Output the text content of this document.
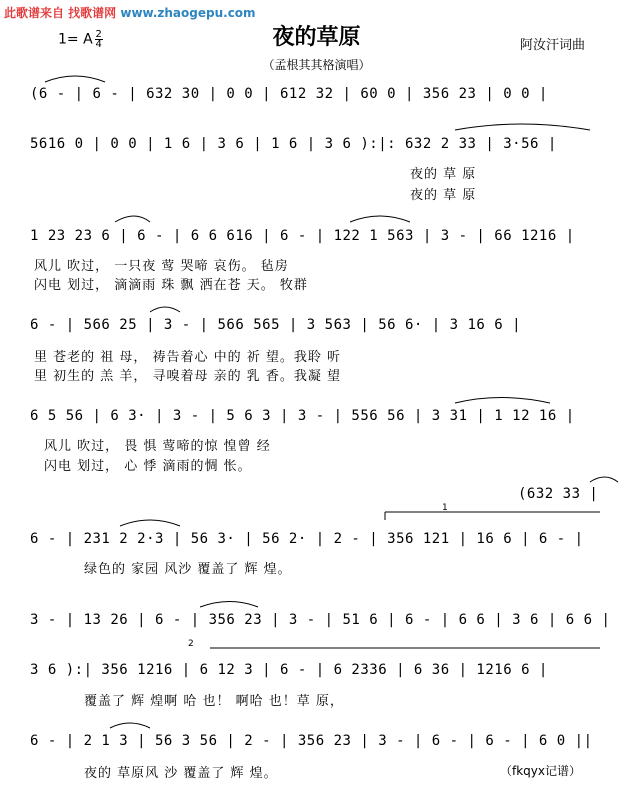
此歌谱来自 找歌谱网 www.zhaogepu.com
1= A $\frac{2}{4}$	夜的草原	阿汝汗词曲
（孟根其其格演唱）
(6 - | 6 - | 632 30 | 0 0 | 612 32 | 60 0 | 356 23 | 0 0 |
5616 0 | 0 0 | 1 6 | 3 6 | 1 6 | 3 6 ):|: 632 2 33 | 3·56 |
夜的 草 原
夜的 草 原
1 23 23 6 | 6 - | 6 6 616 | 6 - | 122 1 563 | 3 - | 66 1216 |
风儿 吹过， 一只夜 莺 哭啼 哀伤。 毡房
闪电 划过， 滴滴雨 珠 飘 洒在苍 天。 牧群
6 - | 566 25 | 3 - | 566 565 | 3 563 | 56 6· | 3 16 6 |
里 苍老的 祖 母， 祷告着心 中的 祈 望。我聆 听
里 初生的 羔 羊， 寻嗅着母 亲的 乳 香。我凝 望
6 5 56 | 6 3· | 3 - | 5 6 3 | 3 - | 556 56 | 3 31 | 1 12 16 |
风儿 吹过， 畏 惧 莺啼的惊 惶曾 经
闪电 划过， 心 悸 滴雨的惆 怅。
(632 33 |
6 - | 231 2 2·3 | 56 3· | 56 2· | 2 - | 356 121 | 16 6 | 6 - |
绿色的 家园 风沙 覆盖了 辉 煌。
3 - | 13 26 | 6 - | 356 23 | 3 - | 51 6 | 6 - | 6 6 | 3 6 | 6 6 |
3 6 ):| 356 1216 | 6 12 3 | 6 - | 6 2336 | 6 36 | 1216 6 |
覆盖了 辉 煌啊 哈 也！ 啊哈 也！草 原，
6 - | 2 1 3 | 56 3 56 | 2 - | 356 23 | 3 - | 6 - | 6 - | 6 0 ||
夜的 草原风 沙 覆盖了 辉 煌。	（fkqyx记谱）
1
2
